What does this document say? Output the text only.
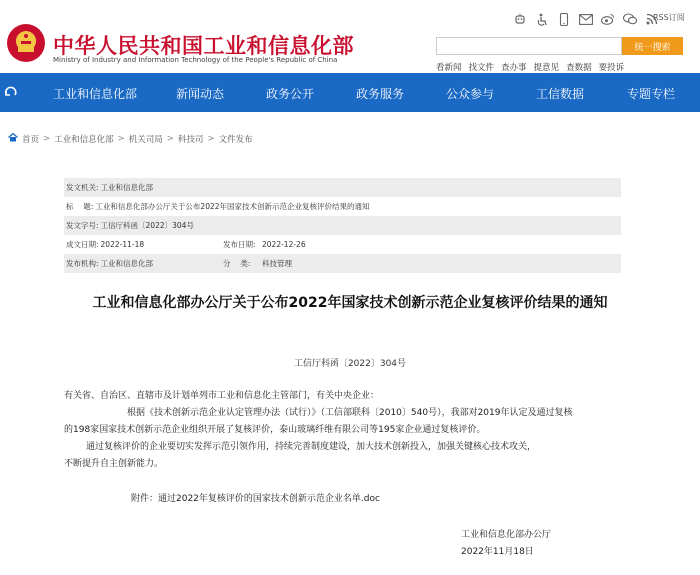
中华人民共和国工业和信息化部
Ministry of Industry and Information Technology of the People's Republic of China
RSS订阅
统一搜索
看新闻 找文件 查办事 提意见 查数据 要投诉
工业和信息化部	新闻动态	政务公开	政务服务	公众参与	工信数据	专题专栏
首页 > 工业和信息化部 > 机关司局 > 科技司 > 文件发布
发文机关: 工业和信息化部
标　 题: 工业和信息化部办公厅关于公布2022年国家技术创新示范企业复核评价结果的通知
发文字号: 工信厅科函〔2022〕304号
成文日期: 2022-11-18	发布日期: 2022-12-26
发布机构: 工业和信息化部	分　 类: 科技管理
工业和信息化部办公厅关于公布2022年国家技术创新示范企业复核评价结果的通知
工信厅科函〔2022〕304号
有关省、自治区、直辖市及计划单列市工业和信息化主管部门，有关中央企业：
根据《技术创新示范企业认定管理办法（试行）》（工信部联科〔2010〕540号），我部对2019年认定及通过复核
的198家国家技术创新示范企业组织开展了复核评价，泰山玻璃纤维有限公司等195家企业通过复核评价。
通过复核评价的企业要切实发挥示范引领作用，持续完善制度建设，加大技术创新投入，加强关键核心技术攻关，
不断提升自主创新能力。
附件：通过2022年复核评价的国家技术创新示范企业名单.doc
工业和信息化部办公厅
2022年11月18日
